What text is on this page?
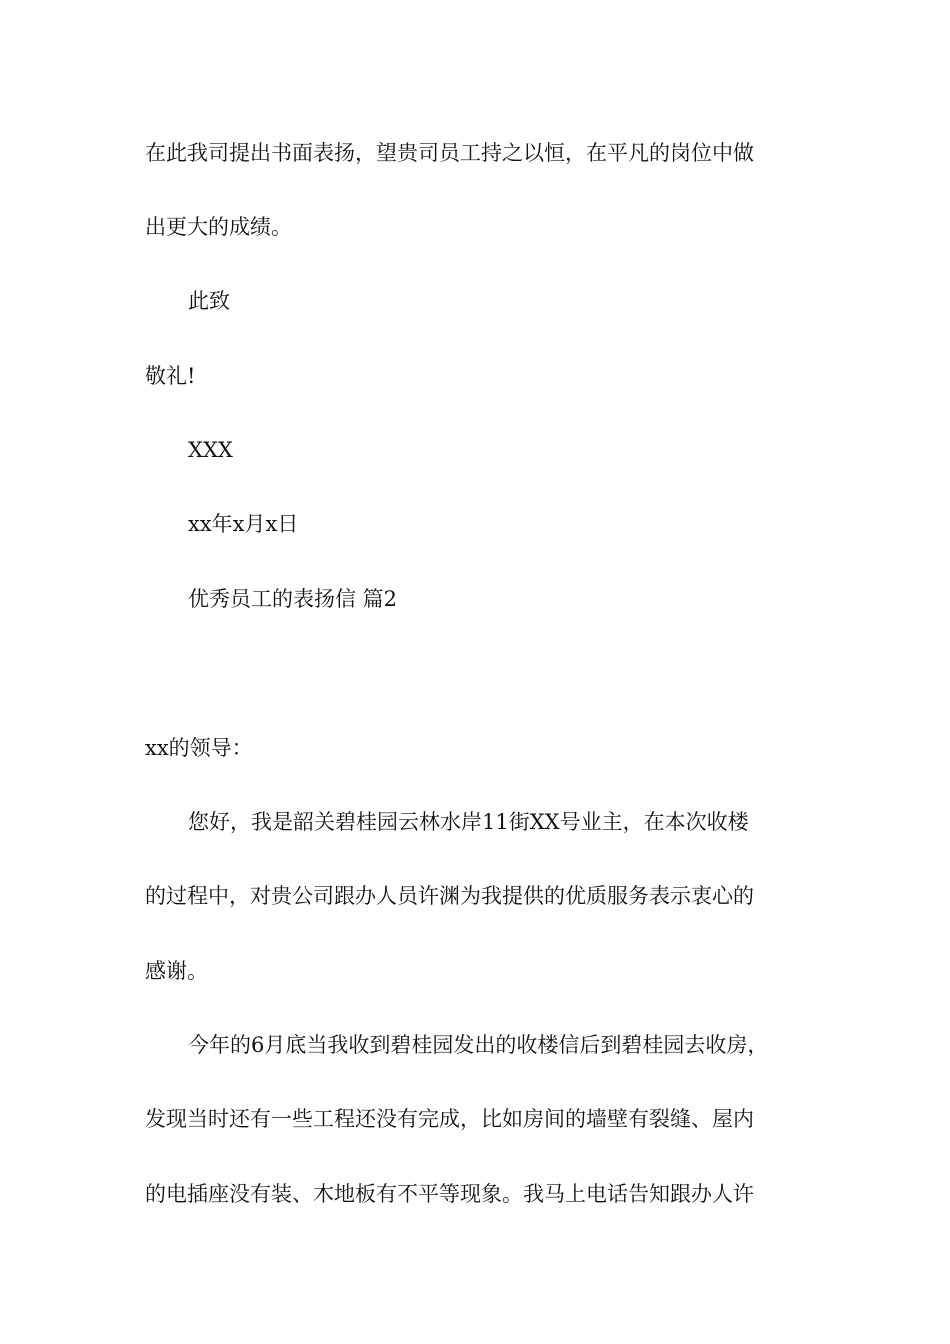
在此我司提出书面表扬，望贵司员工持之以恒，在平凡的岗位中做
出更大的成绩。
此致
敬礼!
XXX
xx年x月x日
优秀员工的表扬信 篇2
xx的领导：
您好，我是韶关碧桂园云林水岸11街XX号业主，在本次收楼
的过程中，对贵公司跟办人员许渊为我提供的优质服务表示衷心的
感谢。
今年的6月底当我收到碧桂园发出的收楼信后到碧桂园去收房，
发现当时还有一些工程还没有完成，比如房间的墙壁有裂缝、屋内
的电插座没有装、木地板有不平等现象。我马上电话告知跟办人许
